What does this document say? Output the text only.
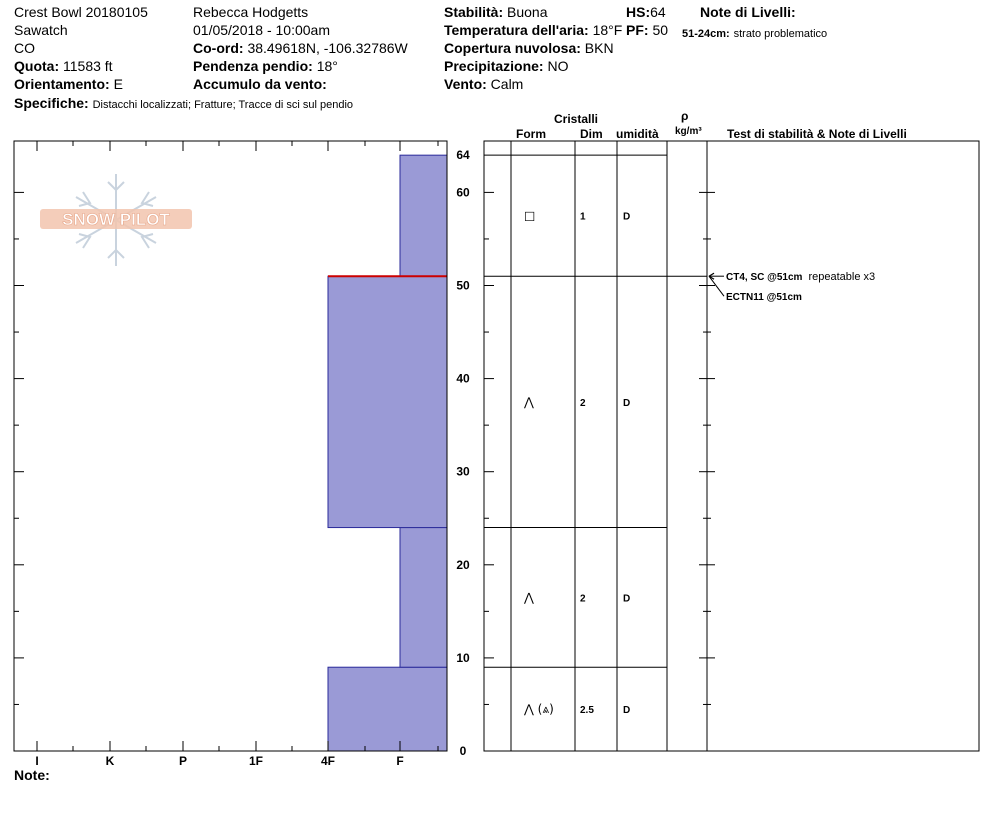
Crest Bowl 20180105
Sawatch
CO
Quota: 11583 ft
Orientamento: E
Specifiche: Distacchi localizzati; Fratture; Tracce di sci sul pendio
Rebecca Hodgetts
01/05/2018 - 10:00am
Co-ord: 38.49618N, -106.32786W
Pendenza pendio: 18°
Accumulo da vento:
Stabilità: Buona
Temperatura dell'aria: 18°F
Copertura nuvolosa: BKN
Precipitazione: NO
Vento: Calm
HS:64
PF: 50
Note di Livelli:
51-24cm: strato problematico
Cristalli
Form	Dim umidità
ρ
kg/m³ Test di stabilità & Note di Livelli
Note:
SNOW PILOT
I	K	P	1F	4F	F
0
10
20
30
40
50
60
64
□	1	D
⋀	2	D
⋀	2	D
⋀ (⩓)	2.5	D
CT4, SC @51cm repeatable x3
ECTN11 @51cm
